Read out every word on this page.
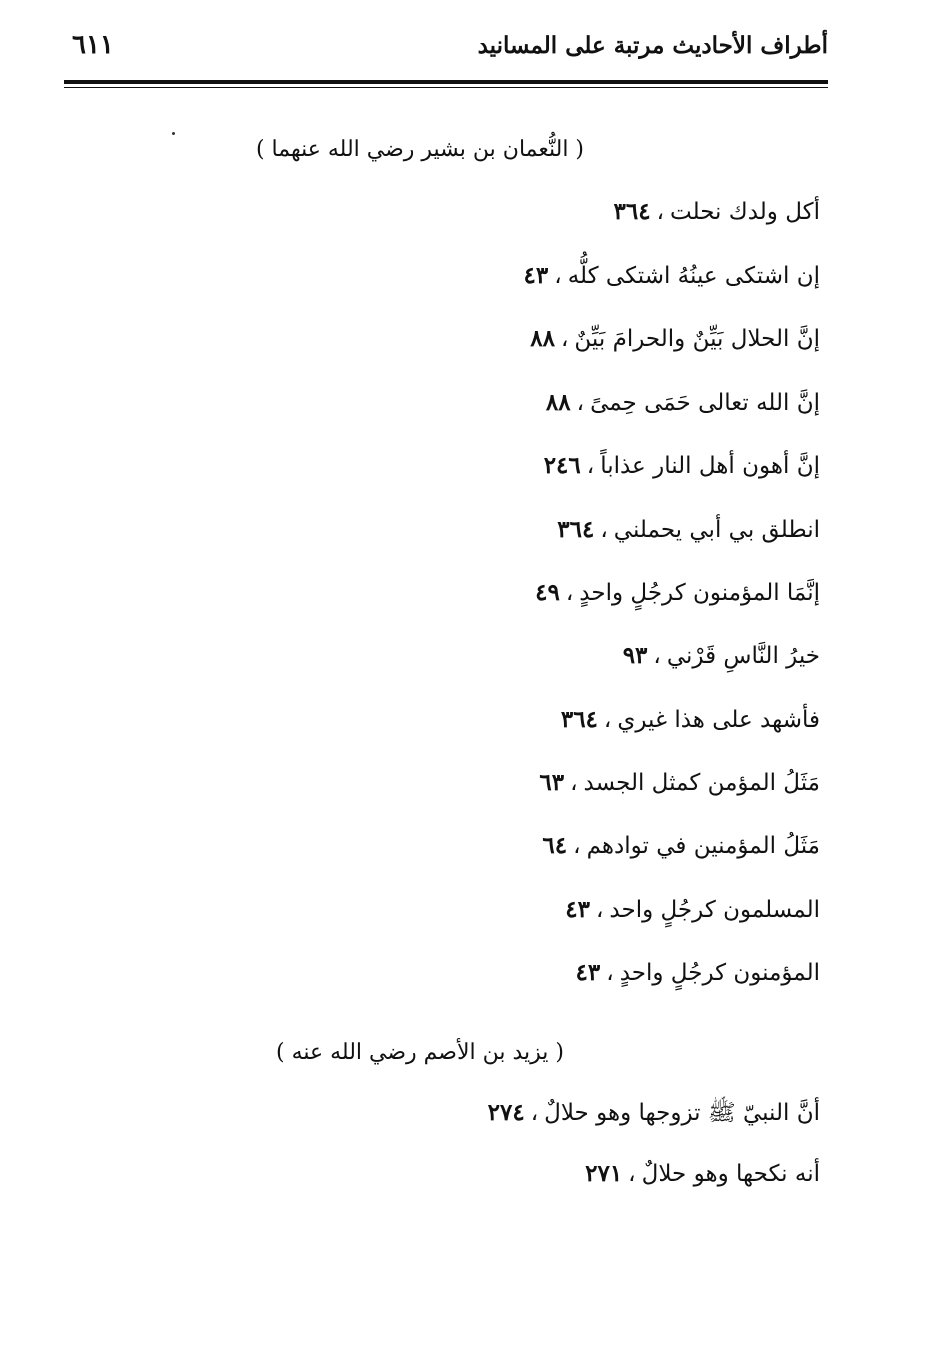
٦١١	أطراف الأحاديث مرتبة على المسانيد
( النُّعمان بن بشير رضي الله عنهما )
أكل ولدك نحلت،٣٦٤
إن اشتكى عينُهُ اشتكى كلُّه،٤٣
إنَّ الحلال بَيِّنٌ والحرامَ بَيِّنٌ،٨٨
إنَّ الله تعالى حَمَى حِمىً،٨٨
إنَّ أهون أهل النار عذاباً،٢٤٦
انطلق بي أبي يحملني،٣٦٤
إنَّمَا المؤمنون كرجُلٍ واحدٍ،٤٩
خيرُ النَّاسِ قَرْني،٩٣
فأشهد على هذا غيري،٣٦٤
مَثَلُ المؤمن كمثل الجسد،٦٣
مَثَلُ المؤمنين في توادهم،٦٤
المسلمون كرجُلٍ واحد،٤٣
المؤمنون كرجُلٍ واحدٍ،٤٣
( يزيد بن الأصم رضي الله عنه )
أنَّ النبيّ ﷺ تزوجها وهو حلالٌ،٢٧٤
أنه نكحها وهو حلالٌ،٢٧١
